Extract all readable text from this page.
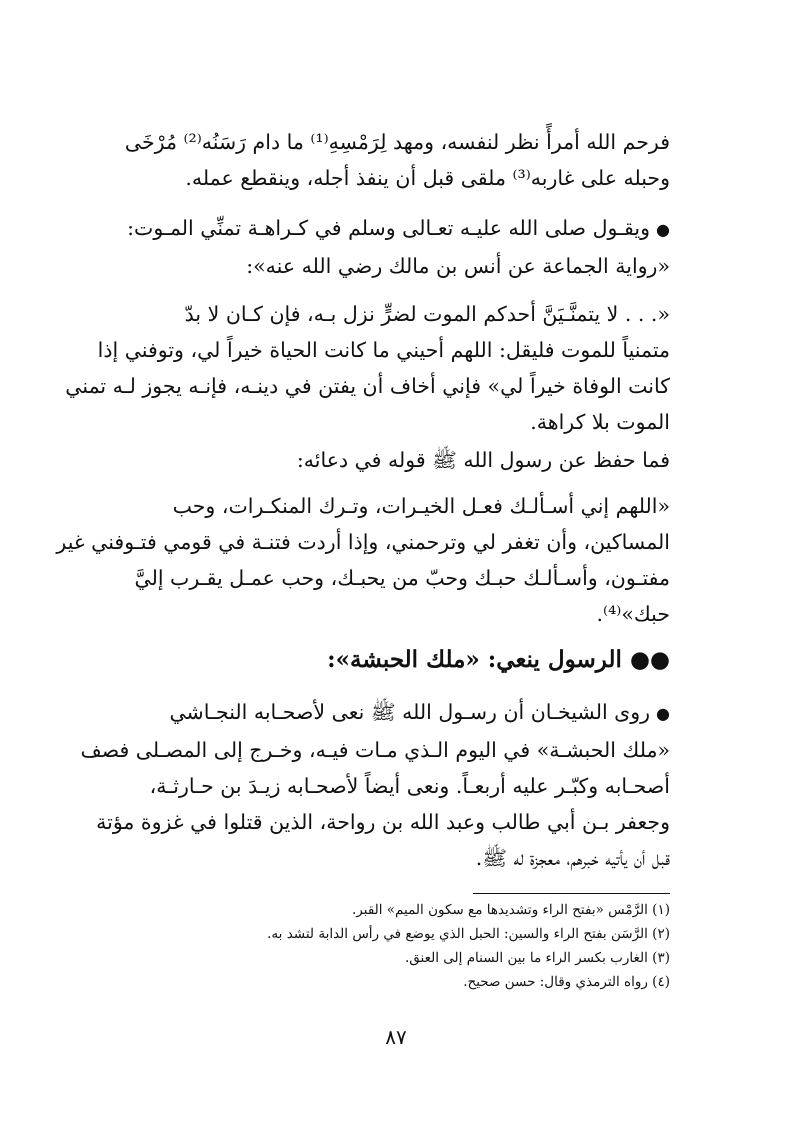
فرحم الله أمرأً نظر لنفسه، ومهد لِرَمْسِهِ⁽¹⁾ ما دام رَسَنُه⁽²⁾ مُرْخَى
وحبله على غاربه⁽³⁾ ملقى قبل أن ينفذ أجله، وينقطع عمله.
●ويقـول صلى الله عليـه تعـالى وسلم في كـراهـة تمنِّي المـوت:
«رواية الجماعة عن أنس بن مالك رضي الله عنه»:
«. . . لا يتمنَّـيَنَّ أحدكم الموت لضرٍّ نزل بـه، فإن كـان لا بدّ
متمنياً للموت فليقل: اللهم أحيني ما كانت الحياة خيراً لي، وتوفني إذا
كانت الوفاة خيراً لي» فإني أخاف أن يفتن في دينـه، فإنـه يجوز لـه تمني
الموت بلا كراهة.
فما حفظ عن رسول الله ﷺ قوله في دعائه:
«اللهم إني أسـألـك فعـل الخيـرات، وتـرك المنكـرات، وحب
المساكين، وأن تغفر لي وترحمني، وإذا أردت فتنـة في قومي فتـوفني غير
مفتـون، وأسـألـك حبـك وحبّ من يحبـك، وحب عمـل يقـرب إليَّ
حبك»⁽⁴⁾.
●● الرسول ينعي: «ملك الحبشة»:
●روى الشيخـان أن رسـول الله ﷺ نعى لأصحـابه النجـاشي
«ملك الحبشـة» في اليوم الـذي مـات فيـه، وخـرج إلى المصـلى فصف
أصحـابه وكبّـر عليه أربعـاً. ونعى أيضاً لأصحـابه زيـدَ بن حـارثـة،
وجعفر بـن أبي طالب وعبد الله بن رواحة، الذين قتلوا في غزوة مؤتة
قبل أن يأتيه خبرهم، معجزة له ﷺ.
(١) الرَّمْس «بفتح الراء وتشديدها مع سكون الميم» القبر.
(٢) الرَّسَن بفتح الراء والسين: الحبل الذي يوضع في رأس الدابة لتشد به.
(٣) الغارب بكسر الراء ما بين السنام إلى العنق.
(٤) رواه الترمذي وقال: حسن صحيح.
٨٧
